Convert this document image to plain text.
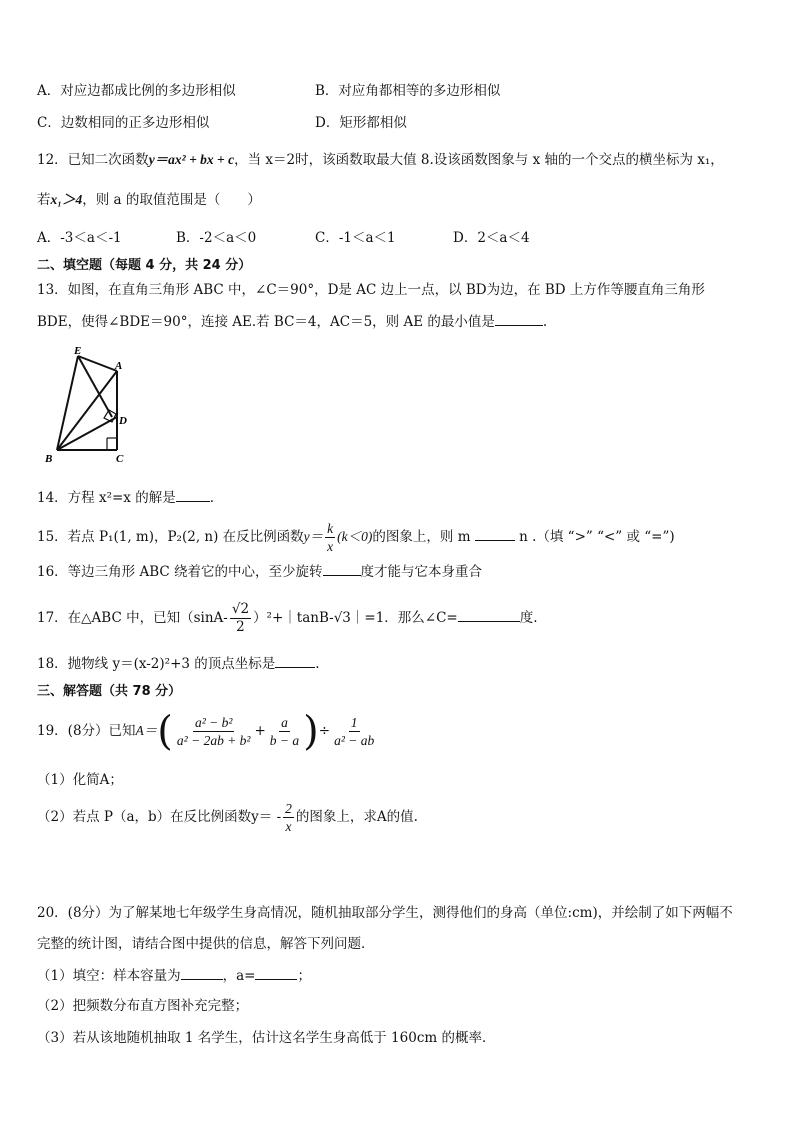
A．对应边都成比例的多边形相似	B．对应角都相等的多边形相似
C．边数相同的正多边形相似	D．矩形都相似
12．已知二次函数y＝ax² + bx + c，当 x＝2时，该函数取最大值 8.设该函数图象与 x 轴的一个交点的横坐标为 x₁，
若x₁＞4，则 a 的取值范围是（　　）
A．-3＜a＜-1	B．-2＜a＜0	C．-1＜a＜1	D．2＜a＜4
二、填空题（每题 4 分，共 24 分）
13．如图，在直角三角形 ABC 中，∠C＝90°，D是 AC 边上一点，以 BD为边，在 BD 上方作等腰直角三角形
BDE，使得∠BDE＝90°，连接 AE.若 BC＝4，AC＝5，则 AE 的最小值是	.
E
A
D
B	C
14．方程 x²=x 的解是	.
15．若点 P₁(1, m)，P₂(2, n) 在反比例函数$y= \frac{k}{x} (k<0)$的图象上，则 m	n .（填 “>” “<” 或 “=”)
16．等边三角形 ABC 绕着它的中心，至少旋转	度才能与它本身重合
17．在△ABC 中，已知（$\sin A- \frac{√2}{2}$ ）²+｜tanB-√3｜=1．那么∠C=	度.
18．抛物线 y＝(x-2)²+3 的顶点坐标是	.
三、解答题（共 78 分）
19．(8分）已知$A=( \frac{\text{a² − b²}}{\text{a² − 2ab + b²}} + \frac{a}{b - a}$ )÷ $\frac{1}{\text{a² − ab}}$
（1）化简A；
（2）若点 P（a，b）在反比例函数$y= - \frac{2}{x}$ 的图象上，求A的值.
20．(8分）为了解某地七年级学生身高情况，随机抽取部分学生，测得他们的身高（单位:cm)，并绘制了如下两幅不
完整的统计图，请结合图中提供的信息，解答下列问题．
（1）填空：样本容量为	，a=	；
（2）把频数分布直方图补充完整；
（3）若从该地随机抽取 1 名学生，估计这名学生身高低于 160cm 的概率．
